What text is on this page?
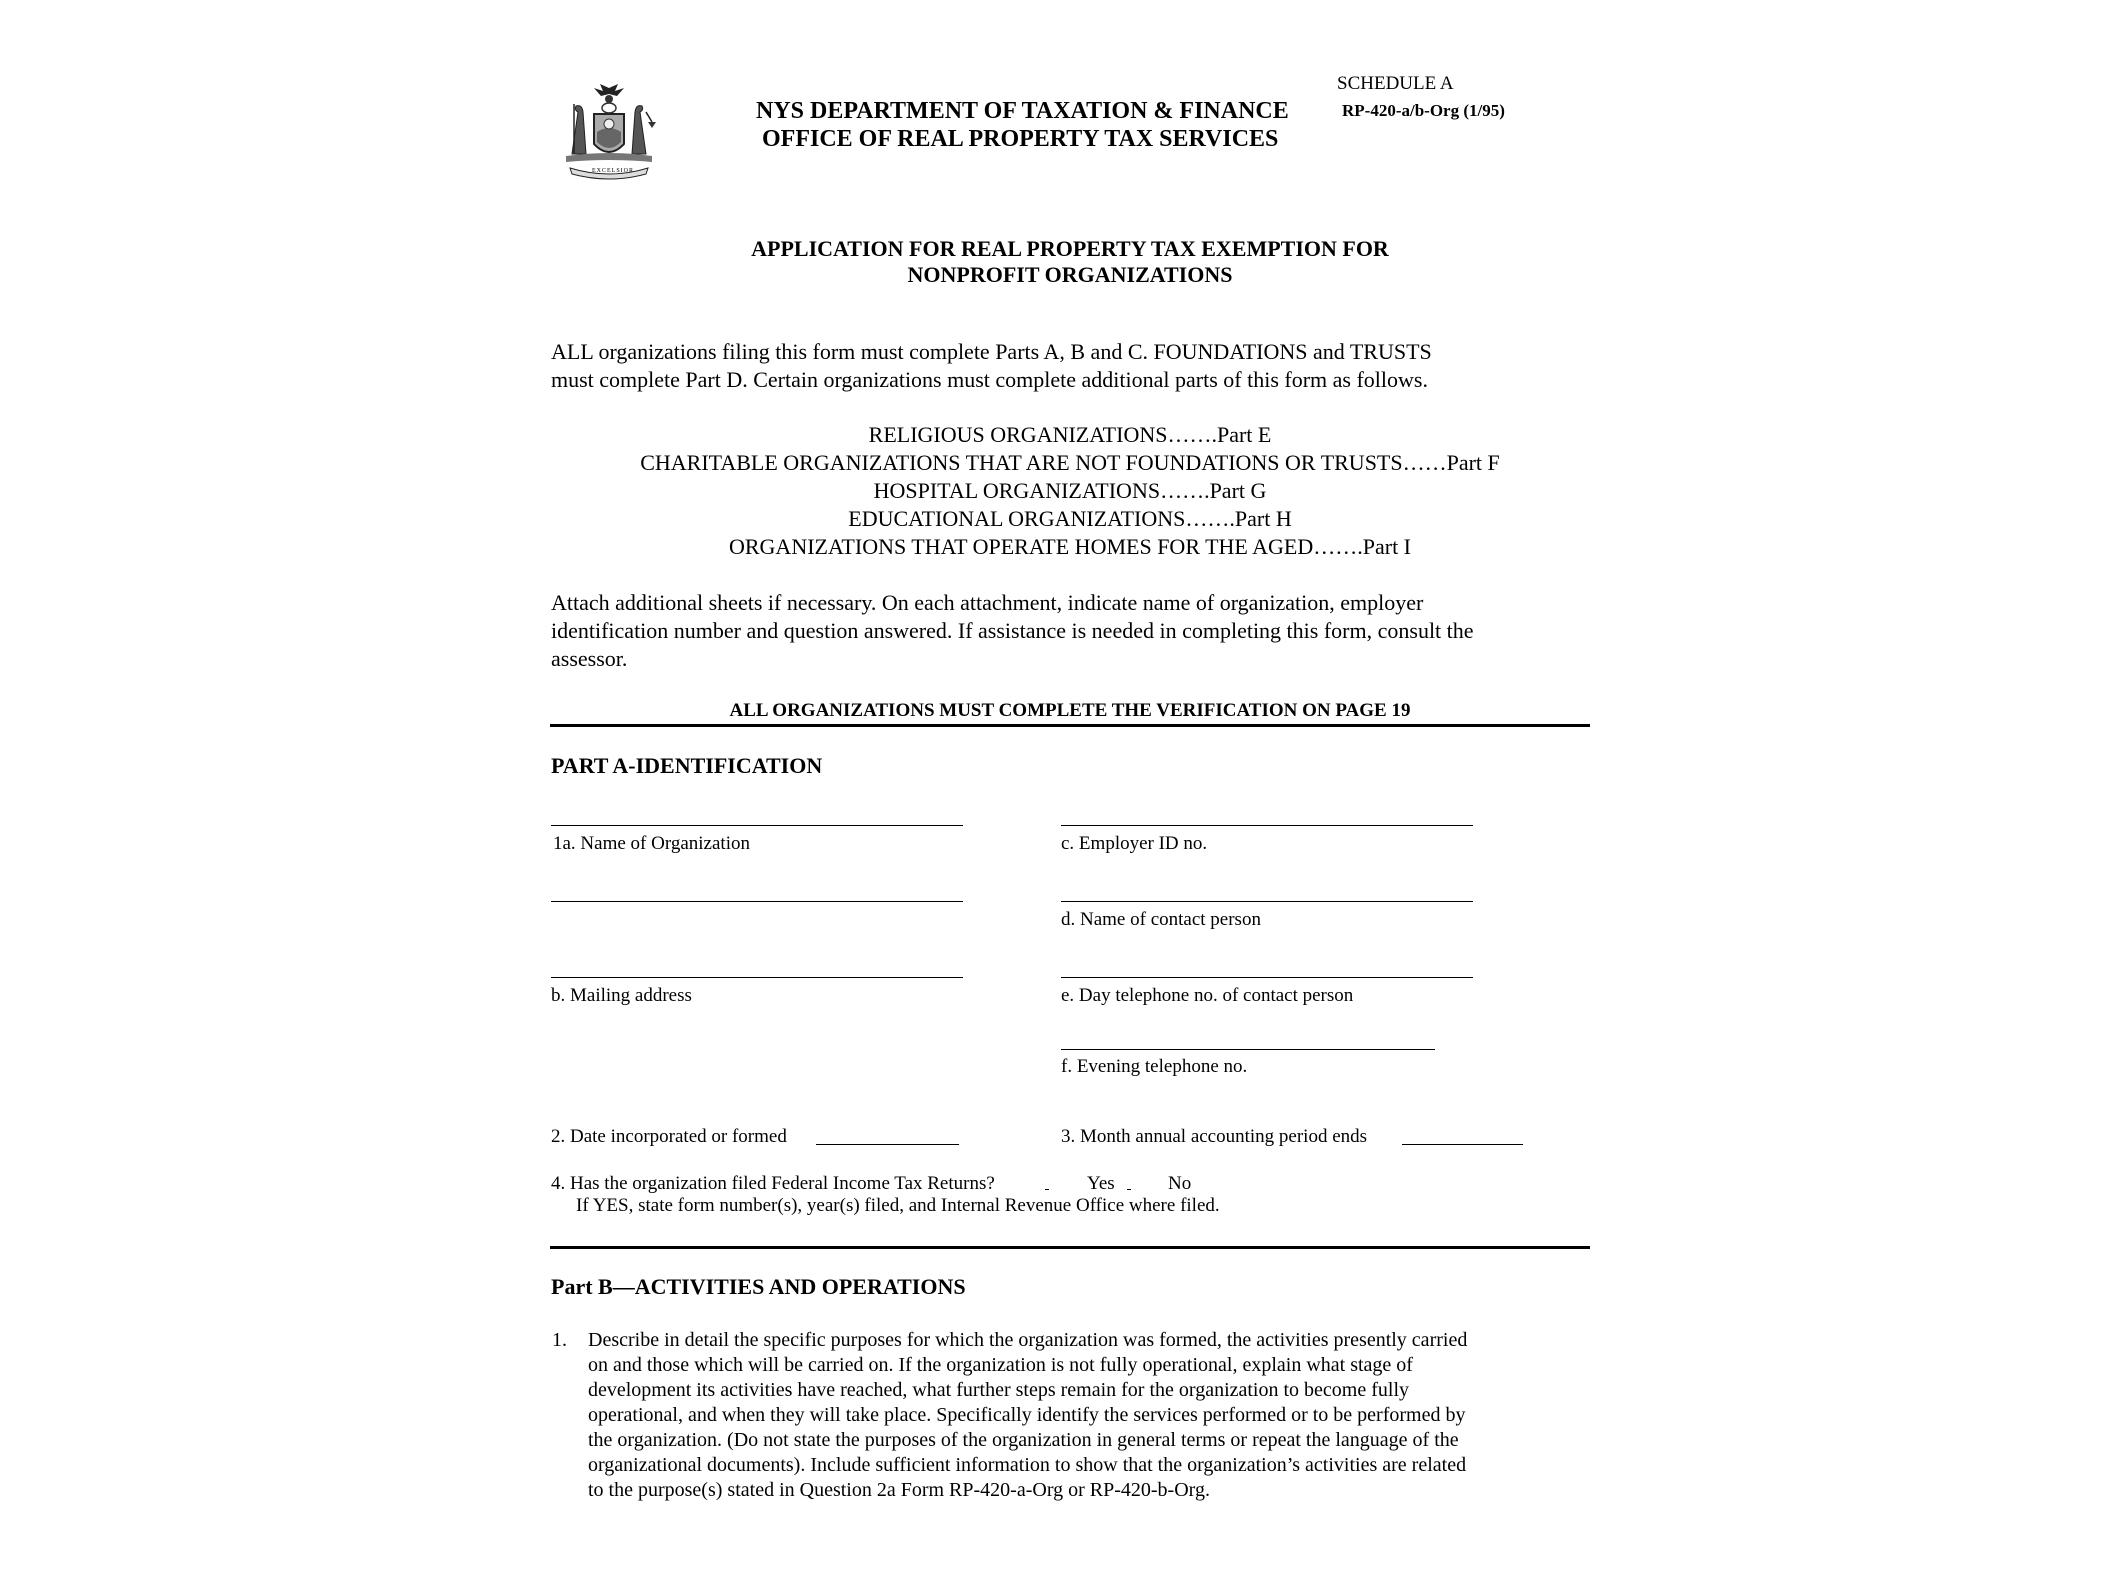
SCHEDULE A
RP-420-a/b-Org (1/95)
EXCELSIOR
NYS DEPARTMENT OF TAXATION & FINANCE
OFFICE OF REAL PROPERTY TAX SERVICES
APPLICATION FOR REAL PROPERTY TAX EXEMPTION FOR
NONPROFIT ORGANIZATIONS
ALL organizations filing this form must complete Parts A, B and C. FOUNDATIONS and TRUSTS
must complete Part D. Certain organizations must complete additional parts of this form as follows.
RELIGIOUS ORGANIZATIONS…….Part E
CHARITABLE ORGANIZATIONS THAT ARE NOT FOUNDATIONS OR TRUSTS……Part F
HOSPITAL ORGANIZATIONS…….Part G
EDUCATIONAL ORGANIZATIONS…….Part H
ORGANIZATIONS THAT OPERATE HOMES FOR THE AGED…….Part I
Attach additional sheets if necessary. On each attachment, indicate name of organization, employer
identification number and question answered. If assistance is needed in completing this form, consult the
assessor.
ALL ORGANIZATIONS MUST COMPLETE THE VERIFICATION ON PAGE 19
PART A-IDENTIFICATION
1a. Name of Organization	c. Employer ID no.
d. Name of contact person
b. Mailing address	e. Day telephone no. of contact person
f. Evening telephone no.
2. Date incorporated or formed	3. Month annual accounting period ends
4. Has the organization filed Federal Income Tax Returns?	Yes	No
If YES, state form number(s), year(s) filed, and Internal Revenue Office where filed.
Part B—ACTIVITIES AND OPERATIONS
1. Describe in detail the specific purposes for which the organization was formed, the activities presently carried
on and those which will be carried on. If the organization is not fully operational, explain what stage of
development its activities have reached, what further steps remain for the organization to become fully
operational, and when they will take place. Specifically identify the services performed or to be performed by
the organization. (Do not state the purposes of the organization in general terms or repeat the language of the
organizational documents). Include sufficient information to show that the organization’s activities are related
to the purpose(s) stated in Question 2a Form RP-420-a-Org or RP-420-b-Org.
